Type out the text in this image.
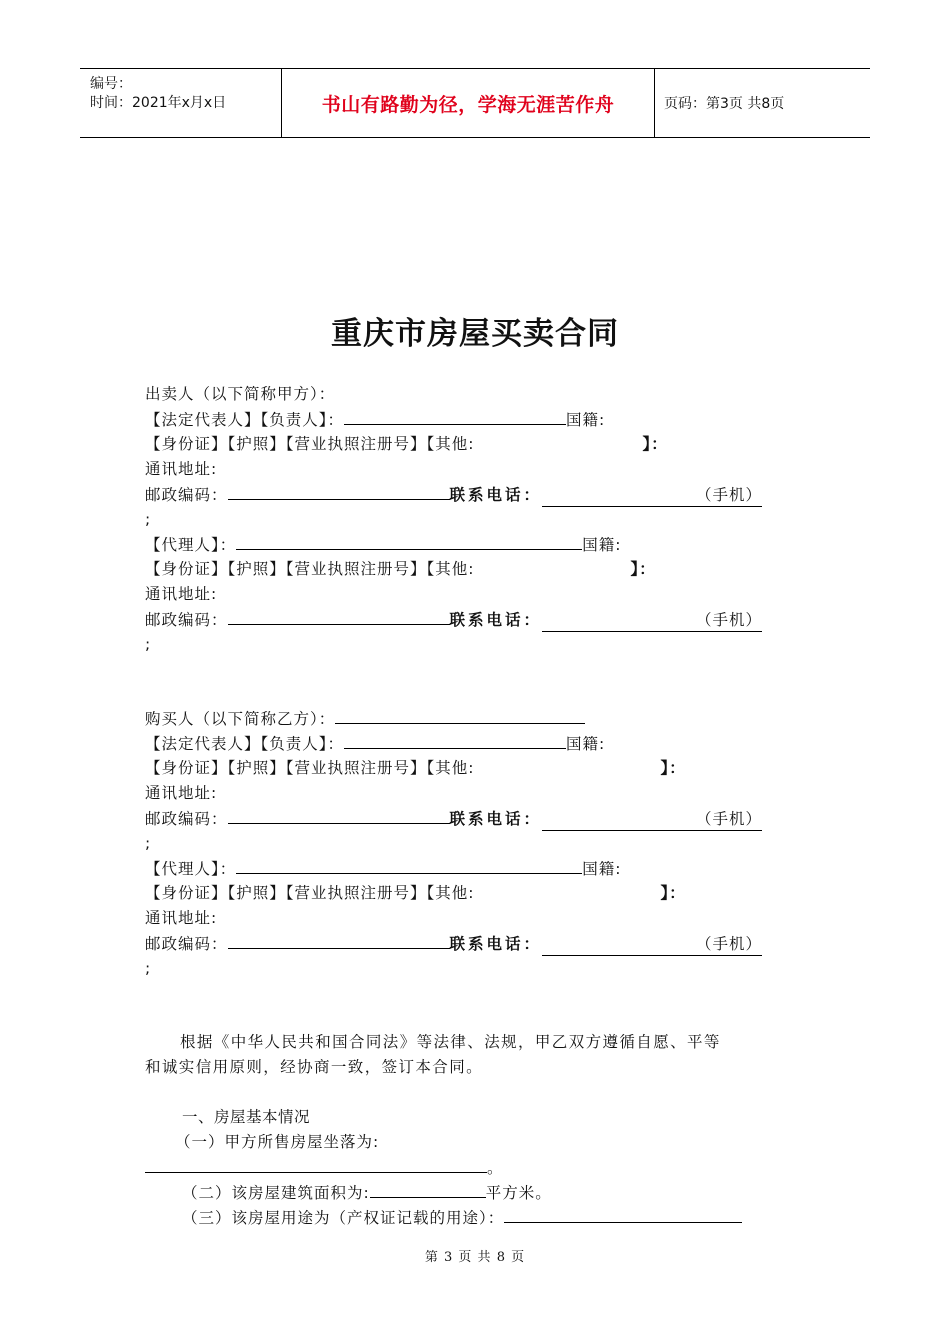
编号：
时间：2021年x月x日	书山有路勤为径，学海无涯苦作舟	页码：第3页 共8页
重庆市房屋买卖合同
出卖人（以下简称甲方）：
【法定代表人】【负责人】：	国籍:
【身份证】【护照】【营业执照注册号】【其他:	】：
通讯地址:
邮政编码：	联系电话：	（手机）
;
【代理人】：	国籍:
【身份证】【护照】【营业执照注册号】【其他:	】：
通讯地址:
邮政编码：	联系电话：	（手机）
;
购买人（以下简称乙方）：
【法定代表人】【负责人】：	国籍:
【身份证】【护照】【营业执照注册号】【其他:	】：
通讯地址:
邮政编码：	联系电话：	（手机）
;
【代理人】：	国籍:
【身份证】【护照】【营业执照注册号】【其他:	】：
通讯地址:
邮政编码：	联系电话：	（手机）
;
根据《中华人民共和国合同法》等法律、法规，甲乙双方遵循自愿、平等
和诚实信用原则，经协商一致，签订本合同。
一、房屋基本情况
（一）甲方所售房屋坐落为:
。
（二）该房屋建筑面积为:	平方米。
（三）该房屋用途为（产权证记载的用途）：
第 3 页 共 8 页
